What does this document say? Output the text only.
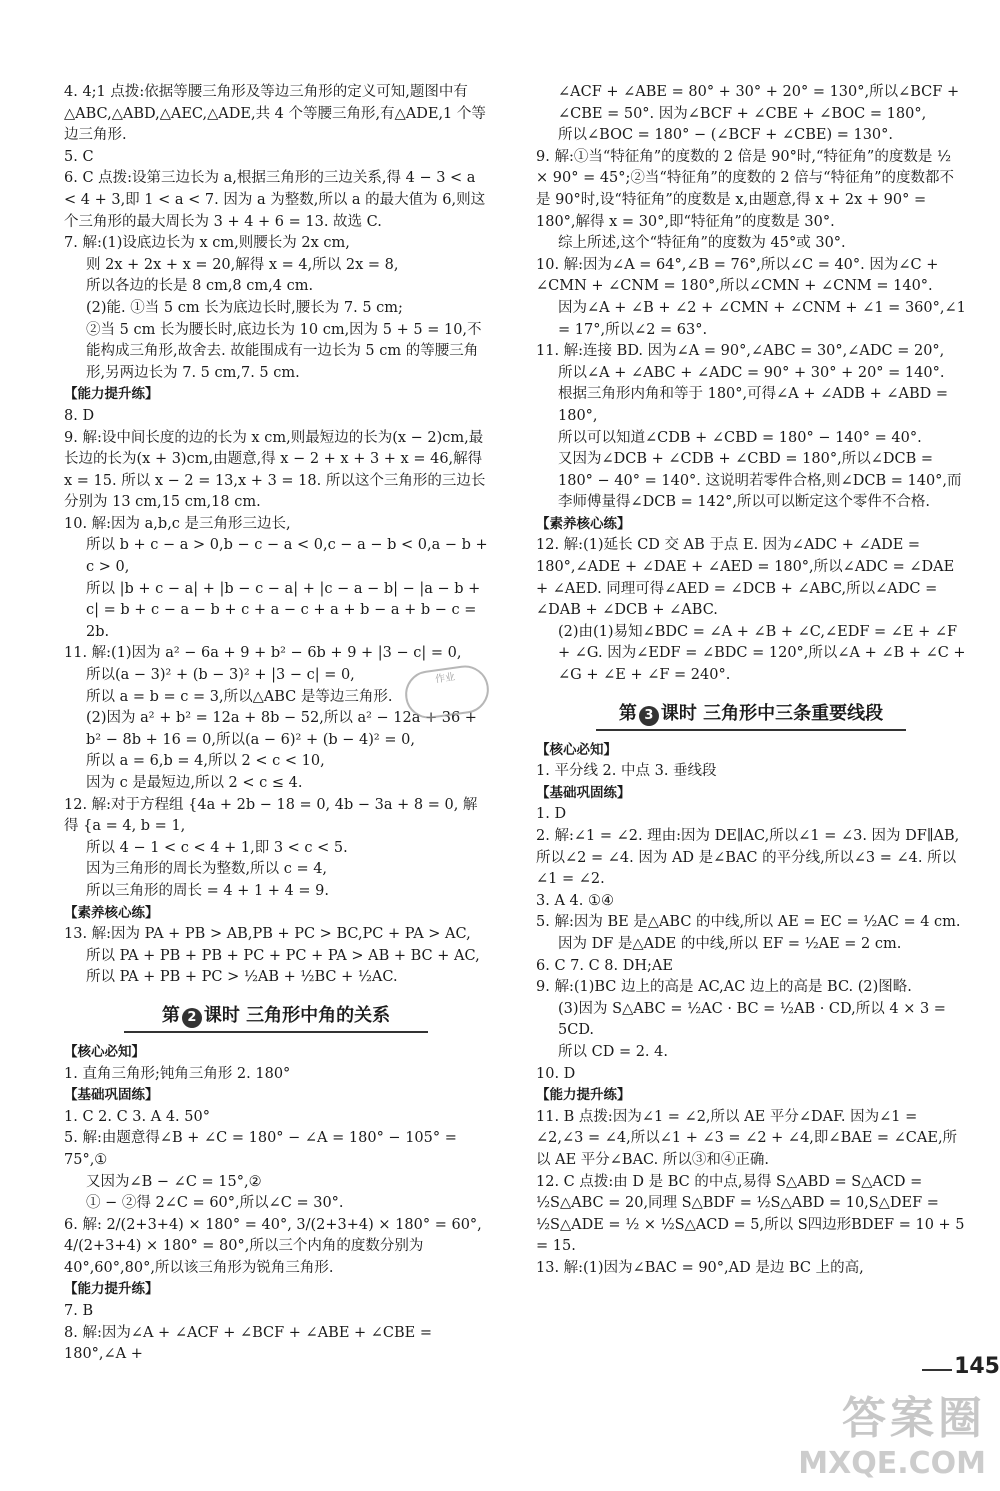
4. 4;1 点拨:依据等腰三角形及等边三角形的定义可知,题图中有△ABC,△ABD,△AEC,△ADE,共 4 个等腰三角形,有△ADE,1 个等边三角形.

5. C

6. C 点拨:设第三边长为 a,根据三角形的三边关系,得 4 − 3 < a < 4 + 3,即 1 < a < 7. 因为 a 为整数,所以 a 的最大值为 6,则这个三角形的最大周长为 3 + 4 + 6 = 13. 故选 C.

7. 解:(1)设底边长为 x cm,则腰长为 2x cm,

则 2x + 2x + x = 20,解得 x = 4,所以 2x = 8,

所以各边的长是 8 cm,8 cm,4 cm.

(2)能. ①当 5 cm 长为底边长时,腰长为 7. 5 cm;

②当 5 cm 长为腰长时,底边长为 10 cm,因为 5 + 5 = 10,不能构成三角形,故舍去. 故能围成有一边长为 5 cm 的等腰三角形,另两边长为 7. 5 cm,7. 5 cm.

【能力提升练】

8. D

9. 解:设中间长度的边的长为 x cm,则最短边的长为(x − 2)cm,最长边的长为(x + 3)cm,由题意,得 x − 2 + x + 3 + x = 46,解得 x = 15. 所以 x − 2 = 13,x + 3 = 18. 所以这个三角形的三边长分别为 13 cm,15 cm,18 cm.

10. 解:因为 a,b,c 是三角形三边长,

所以 b + c − a > 0,b − c − a < 0,c − a − b < 0,a − b + c > 0,

所以 |b + c − a| + |b − c − a| + |c − a − b| − |a − b + c| = b + c − a − b + c + a − c + a + b − a + b − c = 2b.

11. 解:(1)因为 a² − 6a + 9 + b² − 6b + 9 + |3 − c| = 0,

所以(a − 3)² + (b − 3)² + |3 − c| = 0,

所以 a = b = c = 3,所以△ABC 是等边三角形.

(2)因为 a² + b² = 12a + 8b − 52,所以 a² − 12a + 36 + b² − 8b + 16 = 0,所以(a − 6)² + (b − 4)² = 0,

所以 a = 6,b = 4,所以 2 < c < 10,

因为 c 是最短边,所以 2 < c ≤ 4.

12. 解:对于方程组 {4a + 2b − 18 = 0, 4b − 3a + 8 = 0, 解得 {a = 4, b = 1,

所以 4 − 1 < c < 4 + 1,即 3 < c < 5.

因为三角形的周长为整数,所以 c = 4,

所以三角形的周长 = 4 + 1 + 4 = 9.

【素养核心练】

13. 解:因为 PA + PB > AB,PB + PC > BC,PC + PA > AC,

所以 PA + PB + PB + PC + PC + PA > AB + BC + AC,

所以 PA + PB + PC > ½AB + ½BC + ½AC.

第 2 课时 三角形中角的关系

【核心必知】

1. 直角三角形;钝角三角形 2. 180°

【基础巩固练】

1. C 2. C 3. A 4. 50°

5. 解:由题意得∠B + ∠C = 180° − ∠A = 180° − 105° = 75°,①

又因为∠B − ∠C = 15°,②

① − ②得 2∠C = 60°,所以∠C = 30°.

6. 解: 2/(2+3+4) × 180° = 40°, 3/(2+3+4) × 180° = 60°, 4/(2+3+4) × 180° = 80°,所以三个内角的度数分别为 40°,60°,80°,所以该三角形为锐角三角形.

【能力提升练】

7. B

8. 解:因为∠A + ∠ACF + ∠BCF + ∠ABE + ∠CBE = 180°,∠A +

∠ACF + ∠ABE = 80° + 30° + 20° = 130°,所以∠BCF + ∠CBE = 50°. 因为∠BCF + ∠CBE + ∠BOC = 180°,

所以∠BOC = 180° − (∠BCF + ∠CBE) = 130°.

9. 解:①当“特征角”的度数的 2 倍是 90°时,“特征角”的度数是 ½ × 90° = 45°;②当“特征角”的度数的 2 倍与“特征角”的度数都不是 90°时,设“特征角”的度数是 x,由题意,得 x + 2x + 90° = 180°,解得 x = 30°,即“特征角”的度数是 30°.

综上所述,这个“特征角”的度数为 45°或 30°.

10. 解:因为∠A = 64°,∠B = 76°,所以∠C = 40°. 因为∠C + ∠CMN + ∠CNM = 180°,所以∠CMN + ∠CNM = 140°.

因为∠A + ∠B + ∠2 + ∠CMN + ∠CNM + ∠1 = 360°,∠1 = 17°,所以∠2 = 63°.

11. 解:连接 BD. 因为∠A = 90°,∠ABC = 30°,∠ADC = 20°,

所以∠A + ∠ABC + ∠ADC = 90° + 30° + 20° = 140°.

根据三角形内角和等于 180°,可得∠A + ∠ADB + ∠ABD = 180°,

所以可以知道∠CDB + ∠CBD = 180° − 140° = 40°.

又因为∠DCB + ∠CDB + ∠CBD = 180°,所以∠DCB = 180° − 40° = 140°. 这说明若零件合格,则∠DCB = 140°,而李师傅量得∠DCB = 142°,所以可以断定这个零件不合格.

【素养核心练】

12. 解:(1)延长 CD 交 AB 于点 E. 因为∠ADC + ∠ADE = 180°,∠ADE + ∠DAE + ∠AED = 180°,所以∠ADC = ∠DAE + ∠AED. 同理可得∠AED = ∠DCB + ∠ABC,所以∠ADC = ∠DAB + ∠DCB + ∠ABC.

(2)由(1)易知∠BDC = ∠A + ∠B + ∠C,∠EDF = ∠E + ∠F + ∠G. 因为∠EDF = ∠BDC = 120°,所以∠A + ∠B + ∠C + ∠G + ∠E + ∠F = 240°.

第 3 课时 三角形中三条重要线段

【核心必知】

1. 平分线 2. 中点 3. 垂线段

【基础巩固练】

1. D

2. 解:∠1 = ∠2. 理由:因为 DE∥AC,所以∠1 = ∠3. 因为 DF∥AB,所以∠2 = ∠4. 因为 AD 是∠BAC 的平分线,所以∠3 = ∠4. 所以∠1 = ∠2.

3. A 4. ①④

5. 解:因为 BE 是△ABC 的中线,所以 AE = EC = ½AC = 4 cm.

因为 DF 是△ADE 的中线,所以 EF = ½AE = 2 cm.

6. C 7. C 8. DH;AE

9. 解:(1)BC 边上的高是 AC,AC 边上的高是 BC. (2)图略.

(3)因为 S△ABC = ½AC · BC = ½AB · CD,所以 4 × 3 = 5CD.

所以 CD = 2. 4.

10. D

【能力提升练】

11. B 点拨:因为∠1 = ∠2,所以 AE 平分∠DAF. 因为∠1 = ∠2,∠3 = ∠4,所以∠1 + ∠3 = ∠2 + ∠4,即∠BAE = ∠CAE,所以 AE 平分∠BAC. 所以③和④正确.

12. C 点拨:由 D 是 BC 的中点,易得 S△ABD = S△ACD = ½S△ABC = 20,同理 S△BDF = ½S△ABD = 10,S△DEF = ½S△ADE = ½ × ½S△ACD = 5,所以 S四边形BDEF = 10 + 5 = 15.

13. 解:(1)因为∠BAC = 90°,AD 是边 BC 上的高,

145
作业
答案圈
MXQE.COM
